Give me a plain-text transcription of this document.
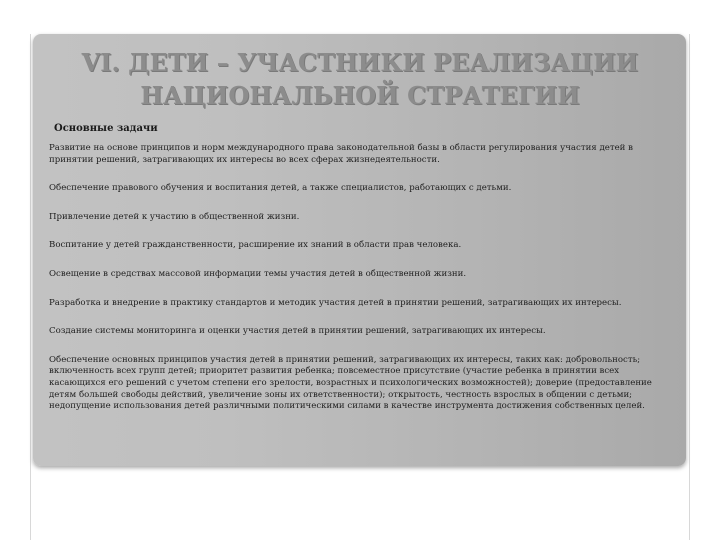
VI. ДЕТИ – УЧАСТНИКИ РЕАЛИЗАЦИИ
НАЦИОНАЛЬНОЙ СТРАТЕГИИ
Основные задачи
Развитие на основе принципов и норм международного права законодательной базы в области регулирования участия детей в принятии решений, затрагивающих их интересы во всех сферах жизнедеятельности.
Обеспечение правового обучения и воспитания детей, а также специалистов, работающих с детьми.
Привлечение детей к участию в общественной жизни.
Воспитание у детей гражданственности, расширение их знаний в области прав человека.
Освещение в средствах массовой информации темы участия детей в общественной жизни.
Разработка и внедрение в практику стандартов и методик участия детей в принятии решений, затрагивающих их интересы.
Создание системы мониторинга и оценки участия детей в принятии решений, затрагивающих их интересы.
Обеспечение основных принципов участия детей в принятии решений, затрагивающих их интересы, таких как: добровольность; включенность всех групп детей; приоритет развития ребенка; повсеместное присутствие (участие ребенка в принятии всех касающихся его решений с учетом степени его зрелости, возрастных и психологических возможностей); доверие (предоставление детям большей свободы действий, увеличение зоны их ответственности); открытость, честность взрослых в общении с детьми; недопущение использования детей различными политическими силами в качестве инструмента достижения собственных целей.
